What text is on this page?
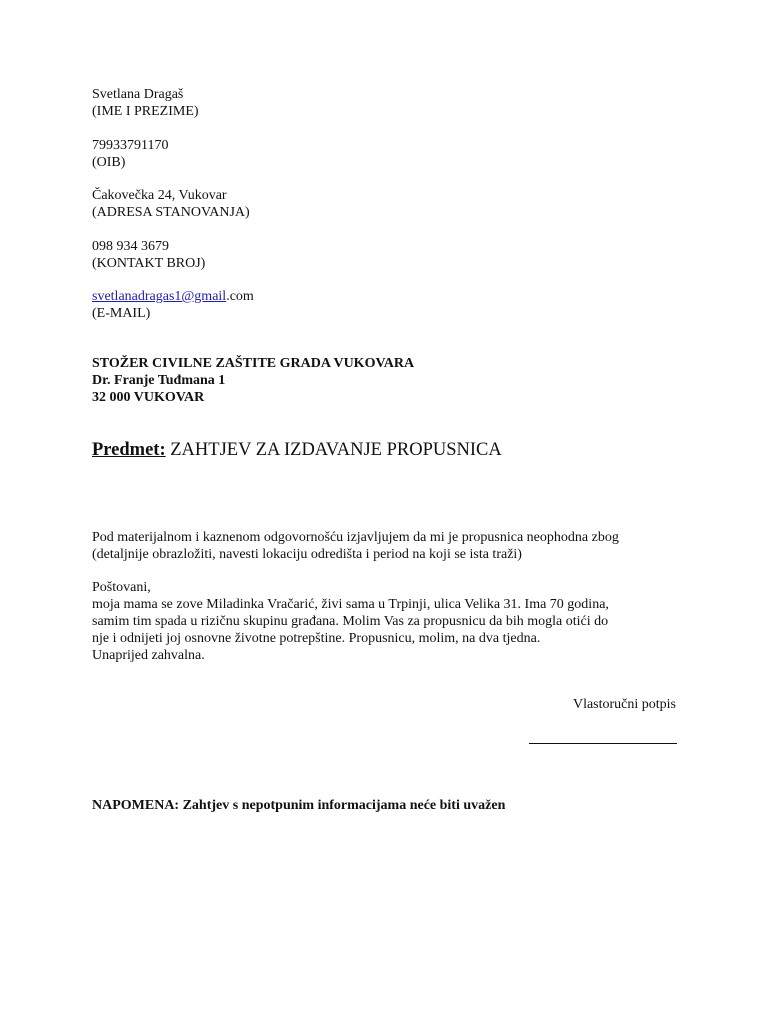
Svetlana Dragaš
(IME I PREZIME)
79933791170
(OIB)
Čakovečka 24, Vukovar
(ADRESA STANOVANJA)
098 934 3679
(KONTAKT BROJ)
svetlanadragas1@gmail.com
(E-MAIL)
STOŽER CIVILNE ZAŠTITE GRADA VUKOVARA
Dr. Franje Tuđmana 1
32 000 VUKOVAR
Predmet: ZAHTJEV ZA IZDAVANJE PROPUSNICA
Pod materijalnom i kaznenom odgovornošću izjavljujem da mi je propusnica neophodna zbog
(detaljnije obrazložiti, navesti lokaciju odredišta i period na koji se ista traži)
Poštovani,
moja mama se zove Miladinka Vračarić, živi sama u Trpinji, ulica Velika 31. Ima 70 godina,
samim tim spada u rizičnu skupinu građana. Molim Vas za propusnicu da bih mogla otići do
nje i odnijeti joj osnovne životne potrepštine. Propusnicu, molim, na dva tjedna.
Unaprijed zahvalna.
Vlastoručni potpis
NAPOMENA: Zahtjev s nepotpunim informacijama neće biti uvažen
